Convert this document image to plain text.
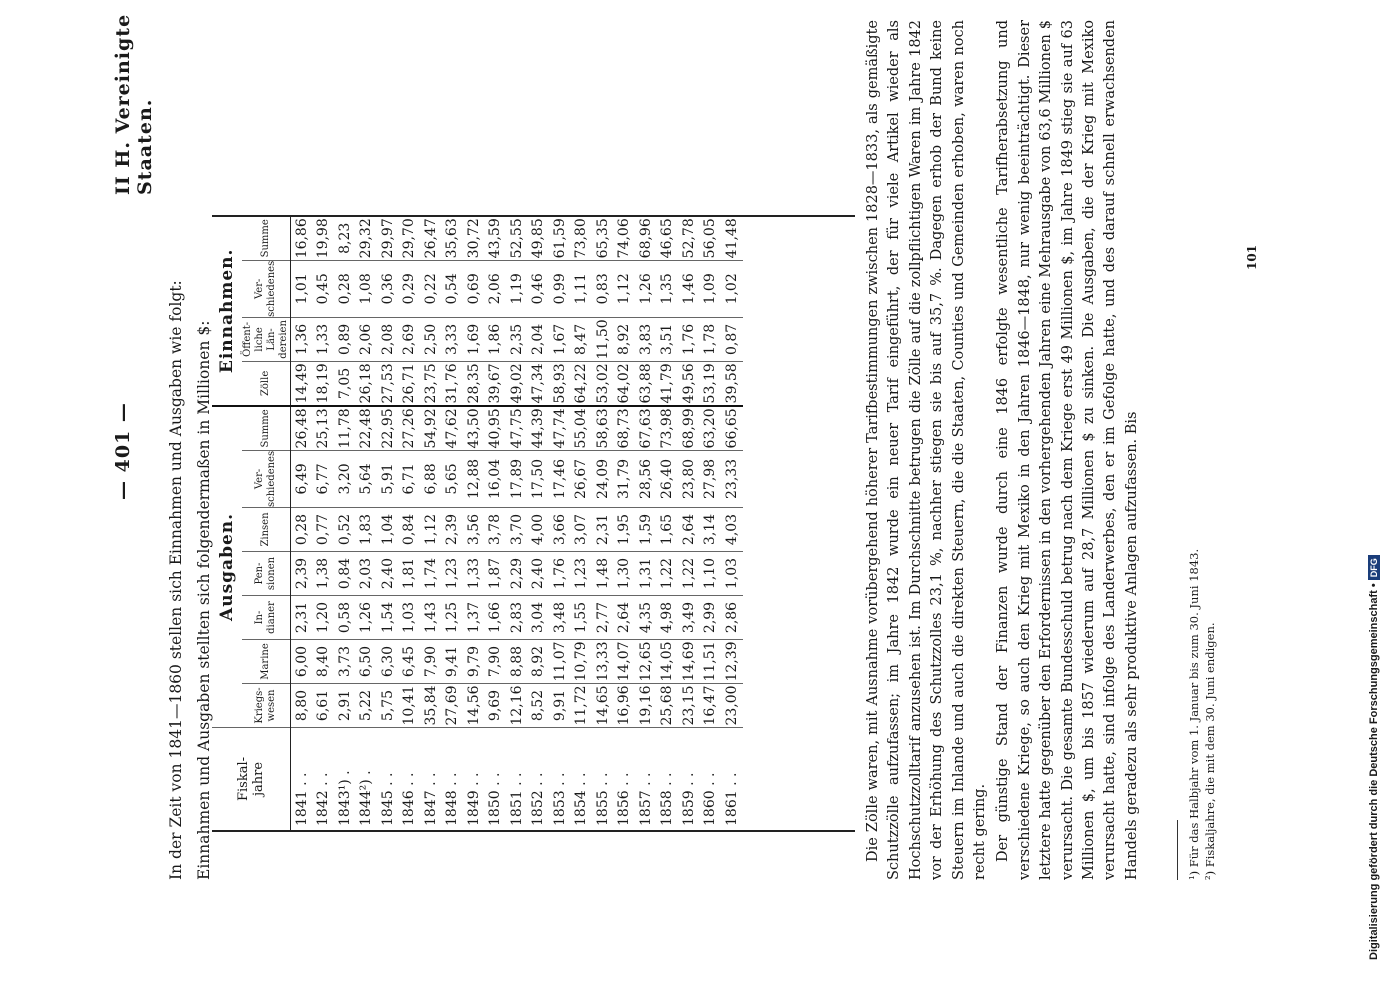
— 401 —
II H. Vereinigte Staaten.
In der Zeit von 1841—1860 stellen sich Einnahmen und Ausgaben wie folgt: Einnahmen und Ausgaben stellten sich folgendermaßen in Millionen $:	Fiskal-
jahre	Ausgaben.							Einnahmen.			
	Kriegs-
wesen	Marine	In-
dianer	Pen-
sionen	Zinsen	Ver-
schiedenes	Summe	Zölle	Öffent-
liche Län-
dereien	Ver-
schiedenes	Summe
1841 . .	8,80	6,00	2,31	2,39	0,28	6,49	26,48	14,49	1,36	1,01	16,86
1842 . .	6,61	8,40	1,20	1,38	0,77	6,77	25,13	18,19	1,33	0,45	19,98
1843¹) .	2,91	3,73	0,58	0,84	0,52	3,20	11,78	7,05	0,89	0,28	8,23
1844²) .	5,22	6,50	1,26	2,03	1,83	5,64	22,48	26,18	2,06	1,08	29,32
1845 . .	5,75	6,30	1,54	2,40	1,04	5,91	22,95	27,53	2,08	0,36	29,97
1846 . .	10,41	6,45	1,03	1,81	0,84	6,71	27,26	26,71	2,69	0,29	29,70
1847 . .	35,84	7,90	1,43	1,74	1,12	6,88	54,92	23,75	2,50	0,22	26,47
1848 . .	27,69	9,41	1,25	1,23	2,39	5,65	47,62	31,76	3,33	0,54	35,63
1849 . .	14,56	9,79	1,37	1,33	3,56	12,88	43,50	28,35	1,69	0,69	30,72
1850 . .	9,69	7,90	1,66	1,87	3,78	16,04	40,95	39,67	1,86	2,06	43,59
1851 . .	12,16	8,88	2,83	2,29	3,70	17,89	47,75	49,02	2,35	1,19	52,55
1852 . .	8,52	8,92	3,04	2,40	4,00	17,50	44,39	47,34	2,04	0,46	49,85
1853 . .	9,91	11,07	3,48	1,76	3,66	17,46	47,74	58,93	1,67	0,99	61,59
1854 . .	11,72	10,79	1,55	1,23	3,07	26,67	55,04	64,22	8,47	1,11	73,80
1855 . .	14,65	13,33	2,77	1,48	2,31	24,09	58,63	53,02	11,50	0,83	65,35
1856 . .	16,96	14,07	2,64	1,30	1,95	31,79	68,73	64,02	8,92	1,12	74,06
1857 . .	19,16	12,65	4,35	1,31	1,59	28,56	67,63	63,88	3,83	1,26	68,96
1858 . .	25,68	14,05	4,98	1,22	1,65	26,40	73,98	41,79	3,51	1,35	46,65
1859 . .	23,15	14,69	3,49	1,22	2,64	23,80	68,99	49,56	1,76	1,46	52,78
1860 . .	16,47	11,51	2,99	1,10	3,14	27,98	63,20	53,19	1,78	1,09	56,05
1861 . .	23,00	12,39	2,86	1,03	4,03	23,33	66,65	39,58	0,87	1,02	41,48	Die Zölle waren, mit Ausnahme vorübergehend höherer Tarifbestimmungen zwischen 1828—1833, als gemäßigte Schutzzölle aufzufassen; im Jahre 1842 wurde ein neuer Tarif eingeführt, der für viele Artikel wieder als Hochschutzzolltarif anzusehen ist. Im Durchschnitte betrugen die Zölle auf die zollpflichtigen Waren im Jahre 1842 vor der Erhöhung des Schutzzolles 23,1 %, nachher stiegen sie bis auf 35,7 %. Dagegen erhob der Bund keine Steuern im Inlande und auch die direkten Steuern, die die Staaten, Counties und Gemeinden erhoben, waren noch recht gering. Der günstige Stand der Finanzen wurde durch eine 1846 erfolgte wesentliche Tarifherabsetzung und verschiedene Kriege, so auch den Krieg mit Mexiko in den Jahren 1846—1848, nur wenig beeinträchtigt. Dieser letztere hatte gegenüber den Erfordernissen in den vorhergehenden Jahren eine Mehrausgabe von 63,6 Millionen $ verursacht. Die gesamte Bundesschuld betrug nach dem Kriege erst 49 Millionen $, im Jahre 1849 stieg sie auf 63 Millionen $, um bis 1857 wiederum auf 28,7 Millionen $ zu sinken. Die Ausgaben, die der Krieg mit Mexiko verursacht hatte, sind infolge des Landerwerbes, den er im Gefolge hatte, und des darauf schnell erwachsenden Handels geradezu als sehr produktive Anlagen aufzufassen. Bis	¹) Für das Halbjahr vom 1. Januar bis zum 30. Juni 1843. ²) Fiskaljahre, die mit dem 30. Juni endigen.
101
Digitalisierung gefördert durch die Deutsche Forschungsgemeinschaft • DFG
